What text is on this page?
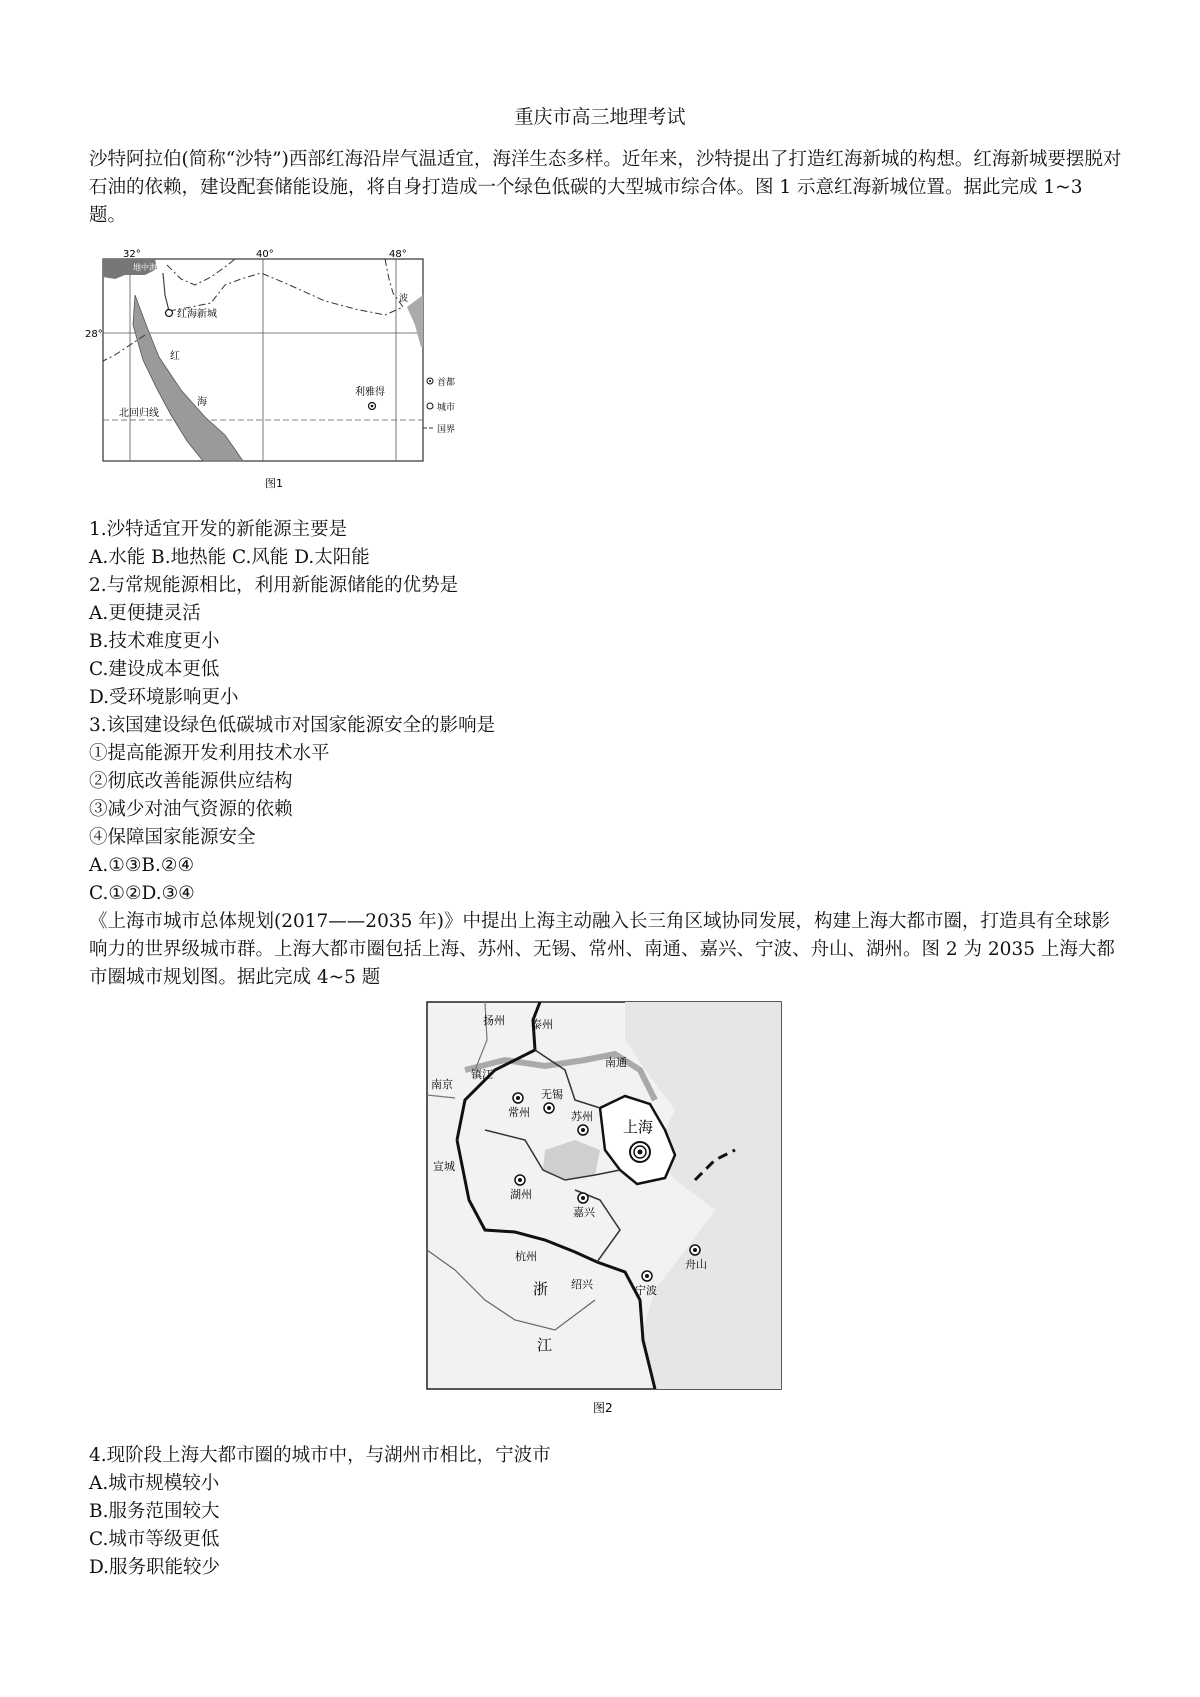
重庆市高三地理考试
沙特阿拉伯(简称“沙特”)西部红海沿岸气温适宜，海洋生态多样。近年来，沙特提出了打造红海新城的构想。红海新城要摆脱对石油的依赖，建设配套储能设施，将自身打造成一个绿色低碳的大型城市综合体。图 1 示意红海新城位置。据此完成 1~3 题。
地中海
32°	40°	48°
28°
红海新城
红
海
北回归线
利雅得
波
首都
城市
国界
图1
1.沙特适宜开发的新能源主要是
A.水能 B.地热能 C.风能 D.太阳能
2.与常规能源相比，利用新能源储能的优势是
A.更便捷灵活
B.技术难度更小
C.建设成本更低
D.受环境影响更小
3.该国建设绿色低碳城市对国家能源安全的影响是
①提高能源开发利用技术水平
②彻底改善能源供应结构
③减少对油气资源的依赖
④保障国家能源安全
A.①③B.②④
C.①②D.③④
《上海市城市总体规划(2017——2035 年)》中提出上海主动融入长三角区域协同发展，构建上海大都市圈，打造具有全球影响力的世界级城市群。上海大都市圈包括上海、苏州、无锡、常州、南通、嘉兴、宁波、舟山、湖州。图 2 为 2035 上海大都市圈城市规划图。据此完成 4~5 题
扬州 泰州
南通
南京
镇江
常州
无锡
苏州
上海
宣城
湖州
嘉兴
杭州
绍兴	宁波
舟山
浙
江
图2
4.现阶段上海大都市圈的城市中，与湖州市相比，宁波市
A.城市规模较小
B.服务范围较大
C.城市等级更低
D.服务职能较少
